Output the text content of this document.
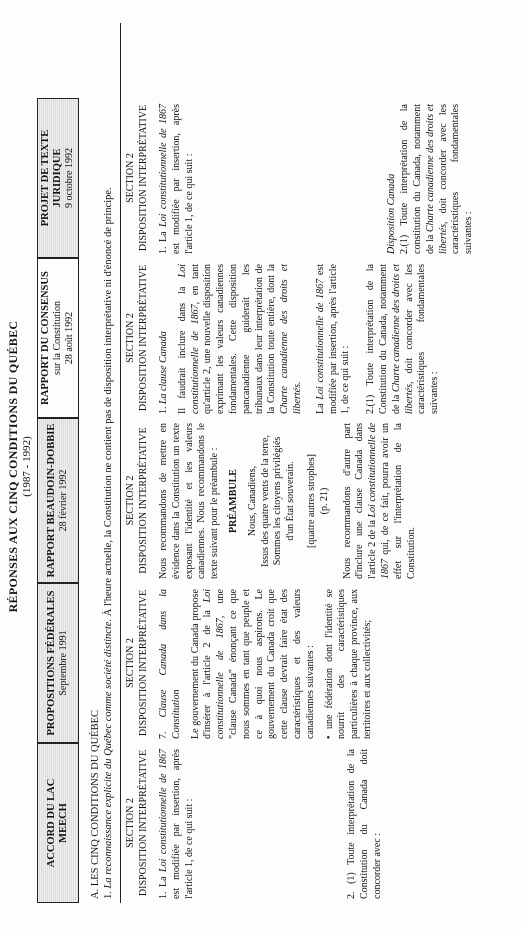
RÉPONSES AUX CINQ CONDITIONS DU QUÉBEC (1987 - 1992)
ACCORD DU LAC MEECH
PROPOSITIONS FÉDÉRALES Septembre 1991
RAPPORT BEAUDOIN-DOBBIE 28 février 1992
RAPPORT DU CONSENSUS sur la Constitution 28 août 1992
PROJET DE TEXTE JURIDIQUE 9 octobre 1992
A. LES CINQ CONDITIONS DU QUÉBEC 1. La reconnaissance explicite du Québec comme société distincte. À l'heure actuelle, la Constitution ne contient pas de disposition interprétative ni d'énoncé de principe.
SECTION 2 DISPOSITION INTERPRÉTATIVE
SECTION 2 DISPOSITION INTERPRÉTATIVE
SECTION 2 DISPOSITION INTERPRÉTATIVE
SECTION 2 DISPOSITION INTERPRÉTATIVE
SECTION 2 DISPOSITION INTERPRÉTATIVE

1. La Loi constitutionnelle de 1867 est modifiée par insertion, après l'article 1, de ce qui suit :	2. (1) Toute interprétation de la Constitution du Canada doit concorder avec :

7. Clause Canada dans la Constitution Le gouvernement du Canada propose d'insérer à l'article 2 de la Loi constitutionnelle de 1867, une "clause Canada" énonçant ce que nous sommes en tant que peuple et ce à quoi nous aspirons. Le gouvernement du Canada croit que cette clause devrait faire état des caractéristiques et des valeurs canadiennes suivantes : •une fédération dont l'identité se nourrit des caractéristiques particulières à chaque province, aux territoires et aux collectivités;

Nous recommandons de mettre en évidence dans la Constitution un texte exposant l'identité et les valeurs canadiennes. Nous recommandons le texte suivant pour le préambule : PRÉAMBULE Nous, Canadiens, Issus des quatre vents de la terre, Sommes les citoyens privilégiés d'un État souverain. [quatre autres strophes] (p. 21) Nous recommandons d'autre part d'inclure une clause Canada dans l'article 2 de la Loi constitutionnelle de 1867 qui, de ce fait, pourra avoir un effet sur l'interprétation de la Constitution.

1. La clause Canada Il faudrait inclure dans la Loi constitutionnelle de 1867, en tant qu'article 2, une nouvelle disposition exprimant les valeurs canadiennes fondamentales. Cette disposition pancanadienne guiderait les tribunaux dans leur interprétation de la Constitution toute entière, dont la Charte canadienne des droits et libertés. La Loi constitutionnelle de 1867 est modifiée par insertion, après l'article 1, de ce qui suit : 2.(1) Toute interprétation de la Constitution du Canada, notamment de la Charte canadienne des droits et libertés, doit concorder avec les caractéristiques fondamentales suivantes :

1. La Loi constitutionnelle de 1867 est modifiée par insertion, après l'article 1, de ce qui suit :	Disposition Canada 2.(1) Toute interprétation de la constitution du Canada, notamment de la Charte canadienne des droits et libertés, doit concorder avec les caractéristiques fondamentales suivantes :
